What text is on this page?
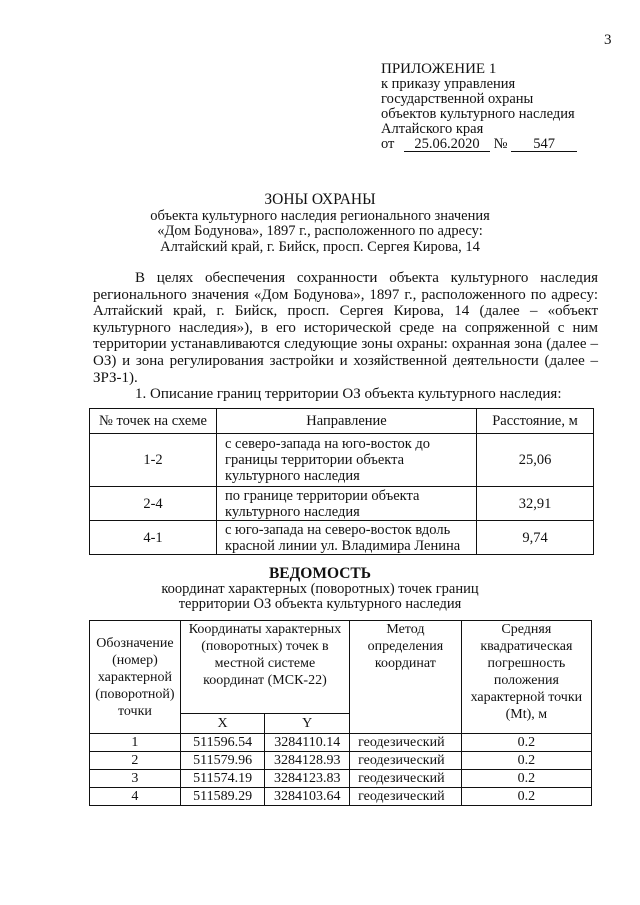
3
ПРИЛОЖЕНИЕ 1
к приказу управления
государственной охраны
объектов культурного наследия
Алтайского края
от 25.06.2020 № 547
ЗОНЫ ОХРАНЫ
объекта культурного наследия регионального значения
«Дом Бодунова», 1897 г., расположенного по адресу:
Алтайский край, г. Бийск, просп. Сергея Кирова, 14

В целях обеспечения сохранности объекта культурного наследия регионального значения «Дом Бодунова», 1897 г., расположенного по адресу: Алтайский край, г. Бийск, просп. Сергея Кирова, 14 (далее – «объект культурного наследия»), в его исторической среде на сопряженной с ним территории устанавливаются следующие зоны охраны: охранная зона (далее – ОЗ) и зона регулирования застройки и хозяйственной деятельности (далее – ЗРЗ-1).

1. Описание границ территории ОЗ объекта культурного наследия:

№ точек на схеме	Направление	Расстояние, м
1-2	с северо-запада на юго-восток до границы территории объекта культурного наследия	25,06
2-4	по границе территории объекта культурного наследия	32,91
4-1	с юго-запада на северо-восток вдоль красной линии ул. Владимира Ленина	9,74
ВЕДОМОСТЬ
координат характерных (поворотных) точек границ
территории ОЗ объекта культурного наследия
Обозначение (номер) характерной (поворотной) точки	Координаты характерных (поворотных) точек в местной системе координат (МСК-22)		Метод определения координат	Средняя квадратическая погрешность положения характерной точки (Mt), м
	X	Y		
1	511596.54	3284110.14	геодезический	0.2
2	511579.96	3284128.93	геодезический	0.2
3	511574.19	3284123.83	геодезический	0.2
4	511589.29	3284103.64	геодезический	0.2
